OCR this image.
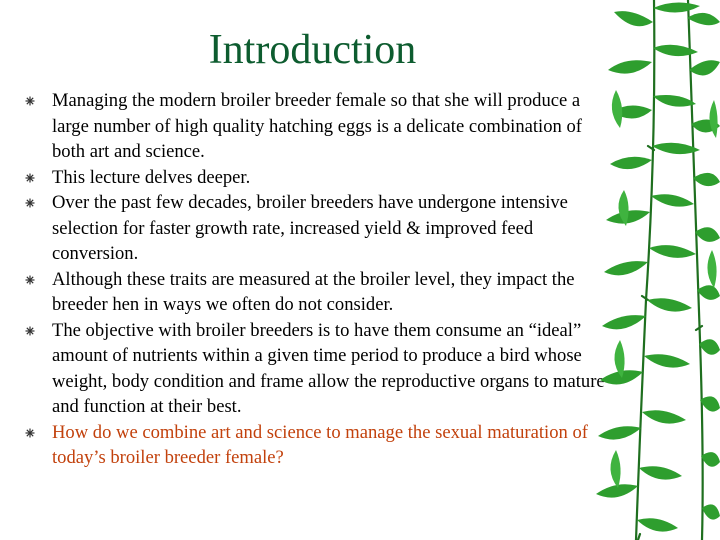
Introduction
Managing the modern broiler breeder female so that she will produce a large number of high quality hatching eggs is a delicate combination of both art and science.
This lecture delves deeper.
Over the past few decades, broiler breeders have undergone intensive selection for faster growth rate, increased yield & improved feed conversion.
Although these traits are measured at the broiler level, they impact the breeder hen in ways we often do not consider.
The objective with broiler breeders is to have them consume an “ideal” amount of nutrients within a given time period to produce a bird whose weight, body condition and frame allow the reproductive organs to mature and function at their best.
How do we combine art and science to manage the sexual maturation of today’s broiler breeder female?
